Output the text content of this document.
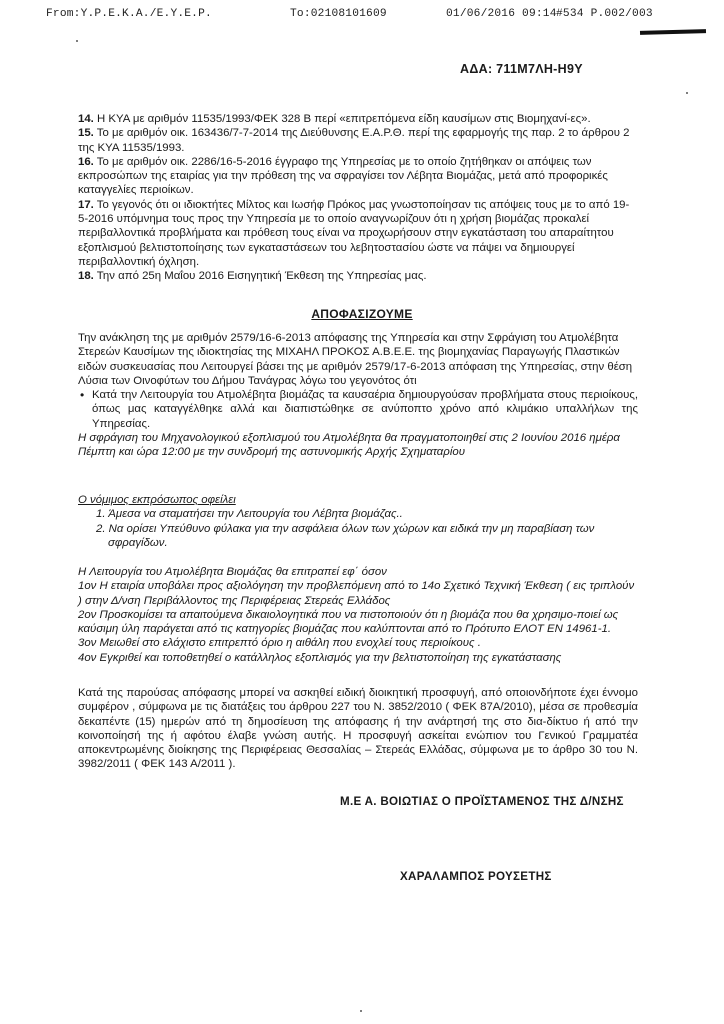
From:Y.P.E.K.A./E.Y.E.P.	To:02108101609	01/06/2016 09:14 #534 P.002/003
ΑΔΑ: 711Μ7ΛΗ-Η9Υ

14. Η ΚΥΑ με αριθμόν 11535/1993/ΦΕΚ 328 Β περί «επιτρεπόμενα είδη καυσίμων στις Βιομηχανί-ες».

15. Το με αριθμόν οικ. 163436/7-7-2014 της Διεύθυνσης Ε.Α.Ρ.Θ. περί της εφαρμογής της παρ. 2 το άρθρου 2 της ΚΥΑ 11535/1993.

16. Το με αριθμόν οικ. 2286/16-5-2016 έγγραφο της Υπηρεσίας με το οποίο ζητήθηκαν οι απόψεις των εκπροσώπων της εταιρίας για την πρόθεση της να σφραγίσει τον Λέβητα Βιομάζας, μετά από προφορικές καταγγελίες περιοίκων.

17. Το γεγονός ότι οι ιδιοκτήτες Μίλτος και Ιωσήφ Πρόκος μας γνωστοποίησαν τις απόψεις τους με το από 19-5-2016 υπόμνημα τους προς την Υπηρεσία με το οποίο αναγνωρίζουν ότι η χρήση βιομάζας προκαλεί περιβαλλοντικά προβλήματα και πρόθεση τους είναι να προχωρήσουν στην εγκατάσταση του απαραίτητου εξοπλισμού βελτιστοποίησης των εγκαταστάσεων του λεβητοστασίου ώστε να πάψει να δημιουργεί περιβαλλοντική όχληση.

18. Την από 25η Μαΐου 2016 Εισηγητική Έκθεση της Υπηρεσίας μας.

ΑΠΟΦΑΣΙΖΟΥΜΕ

Την ανάκληση της με αριθμόν 2579/16-6-2013 απόφασης της Υπηρεσία και στην Σφράγιση του Ατμολέβητα Στερεών Καυσίμων της ιδιοκτησίας της ΜΙΧΑΗΛ ΠΡΟΚΟΣ Α.Β.Ε.Ε. της βιομηχανίας Παραγωγής Πλαστικών ειδών συσκευασίας που Λειτουργεί βάσει της με αριθμόν 2579/17-6-2013 απόφαση της Υπηρεσίας, στην θέση Λύσια των Οινοφύτων του Δήμου Τανάγρας λόγω του γεγονότος ότι

• Κατά την Λειτουργία του Ατμολέβητα βιομάζας τα καυσαέρια δημιουργούσαν προβλήματα στους περιοίκους, όπως μας καταγγέλθηκε αλλά και διαπιστώθηκε σε ανύποπτο χρόνο από κλιμάκιο υπαλλήλων της Υπηρεσίας.

Η σφράγιση του Μηχανολογικού εξοπλισμού του Ατμολέβητα θα πραγματοποιηθεί στις 2 Ιουνίου 2016 ημέρα Πέμπτη και ώρα 12:00 με την συνδρομή της αστυνομικής Αρχής Σχηματαρίου

Ο νόμιμος εκπρόσωπος οφείλει
1. Άμεσα να σταματήσει την Λειτουργία του Λέβητα βιομάζας..
2. Να ορίσει Υπεύθυνο φύλακα για την ασφάλεια όλων των χώρων και ειδικά την μη παραβίαση των σφραγίδων.
Η Λειτουργία του Ατμολέβητα Βιομάζας θα επιτραπεί εφ΄ όσον
1ον Η εταιρία υποβάλει προς αξιολόγηση την προβλεπόμενη από το 14ο Σχετικό Τεχνική Έκθεση ( εις τριπλούν ) στην Δ/νση Περιβάλλοντος της Περιφέρειας Στερεάς Ελλάδος
2ον Προσκομίσει τα απαιτούμενα δικαιολογητικά που να πιστοποιούν ότι η βιομάζα που θα χρησιμο-ποιεί ως καύσιμη ύλη παράγεται από τις κατηγορίες βιομάζας που καλύπτονται από το Πρότυπο ΕΛΟΤ ΕΝ 14961-1.
3ον Μειωθεί στο ελάχιστο επιτρεπτό όριο η αιθάλη που ενοχλεί τους περιοίκους .
4ον Εγκριθεί και τοποθετηθεί ο κατάλληλος εξοπλισμός για την βελτιστοποίηση της εγκατάστασης
Κατά της παρούσας απόφασης μπορεί να ασκηθεί ειδική διοικητική προσφυγή, από οποιονδήποτε έχει έννομο συμφέρον , σύμφωνα με τις διατάξεις του άρθρου 227 του Ν. 3852/2010 ( ΦΕΚ 87Α/2010), μέσα σε προθεσμία δεκαπέντε (15) ημερών από τη δημοσίευση της απόφασης ή την ανάρτησή της στο δια-δίκτυο ή από την κοινοποίησή της ή αφότου έλαβε γνώση αυτής. Η προσφυγή ασκείται ενώπιον του Γενικού Γραμματέα αποκεντρωμένης διοίκησης της Περιφέρειας Θεσσαλίας – Στερεάς Ελλάδας, σύμφωνα με το άρθρο 30 του Ν. 3982/2011 ( ΦΕΚ 143 Α/2011 ).
Μ.Ε Α. ΒΟΙΩΤΙΑΣ Ο ΠΡΟΪΣΤΑΜΕΝΟΣ ΤΗΣ Δ/ΝΣΗΣ
ΧΑΡΑΛΑΜΠΟΣ ΡΟΥΣΕΤΗΣ
